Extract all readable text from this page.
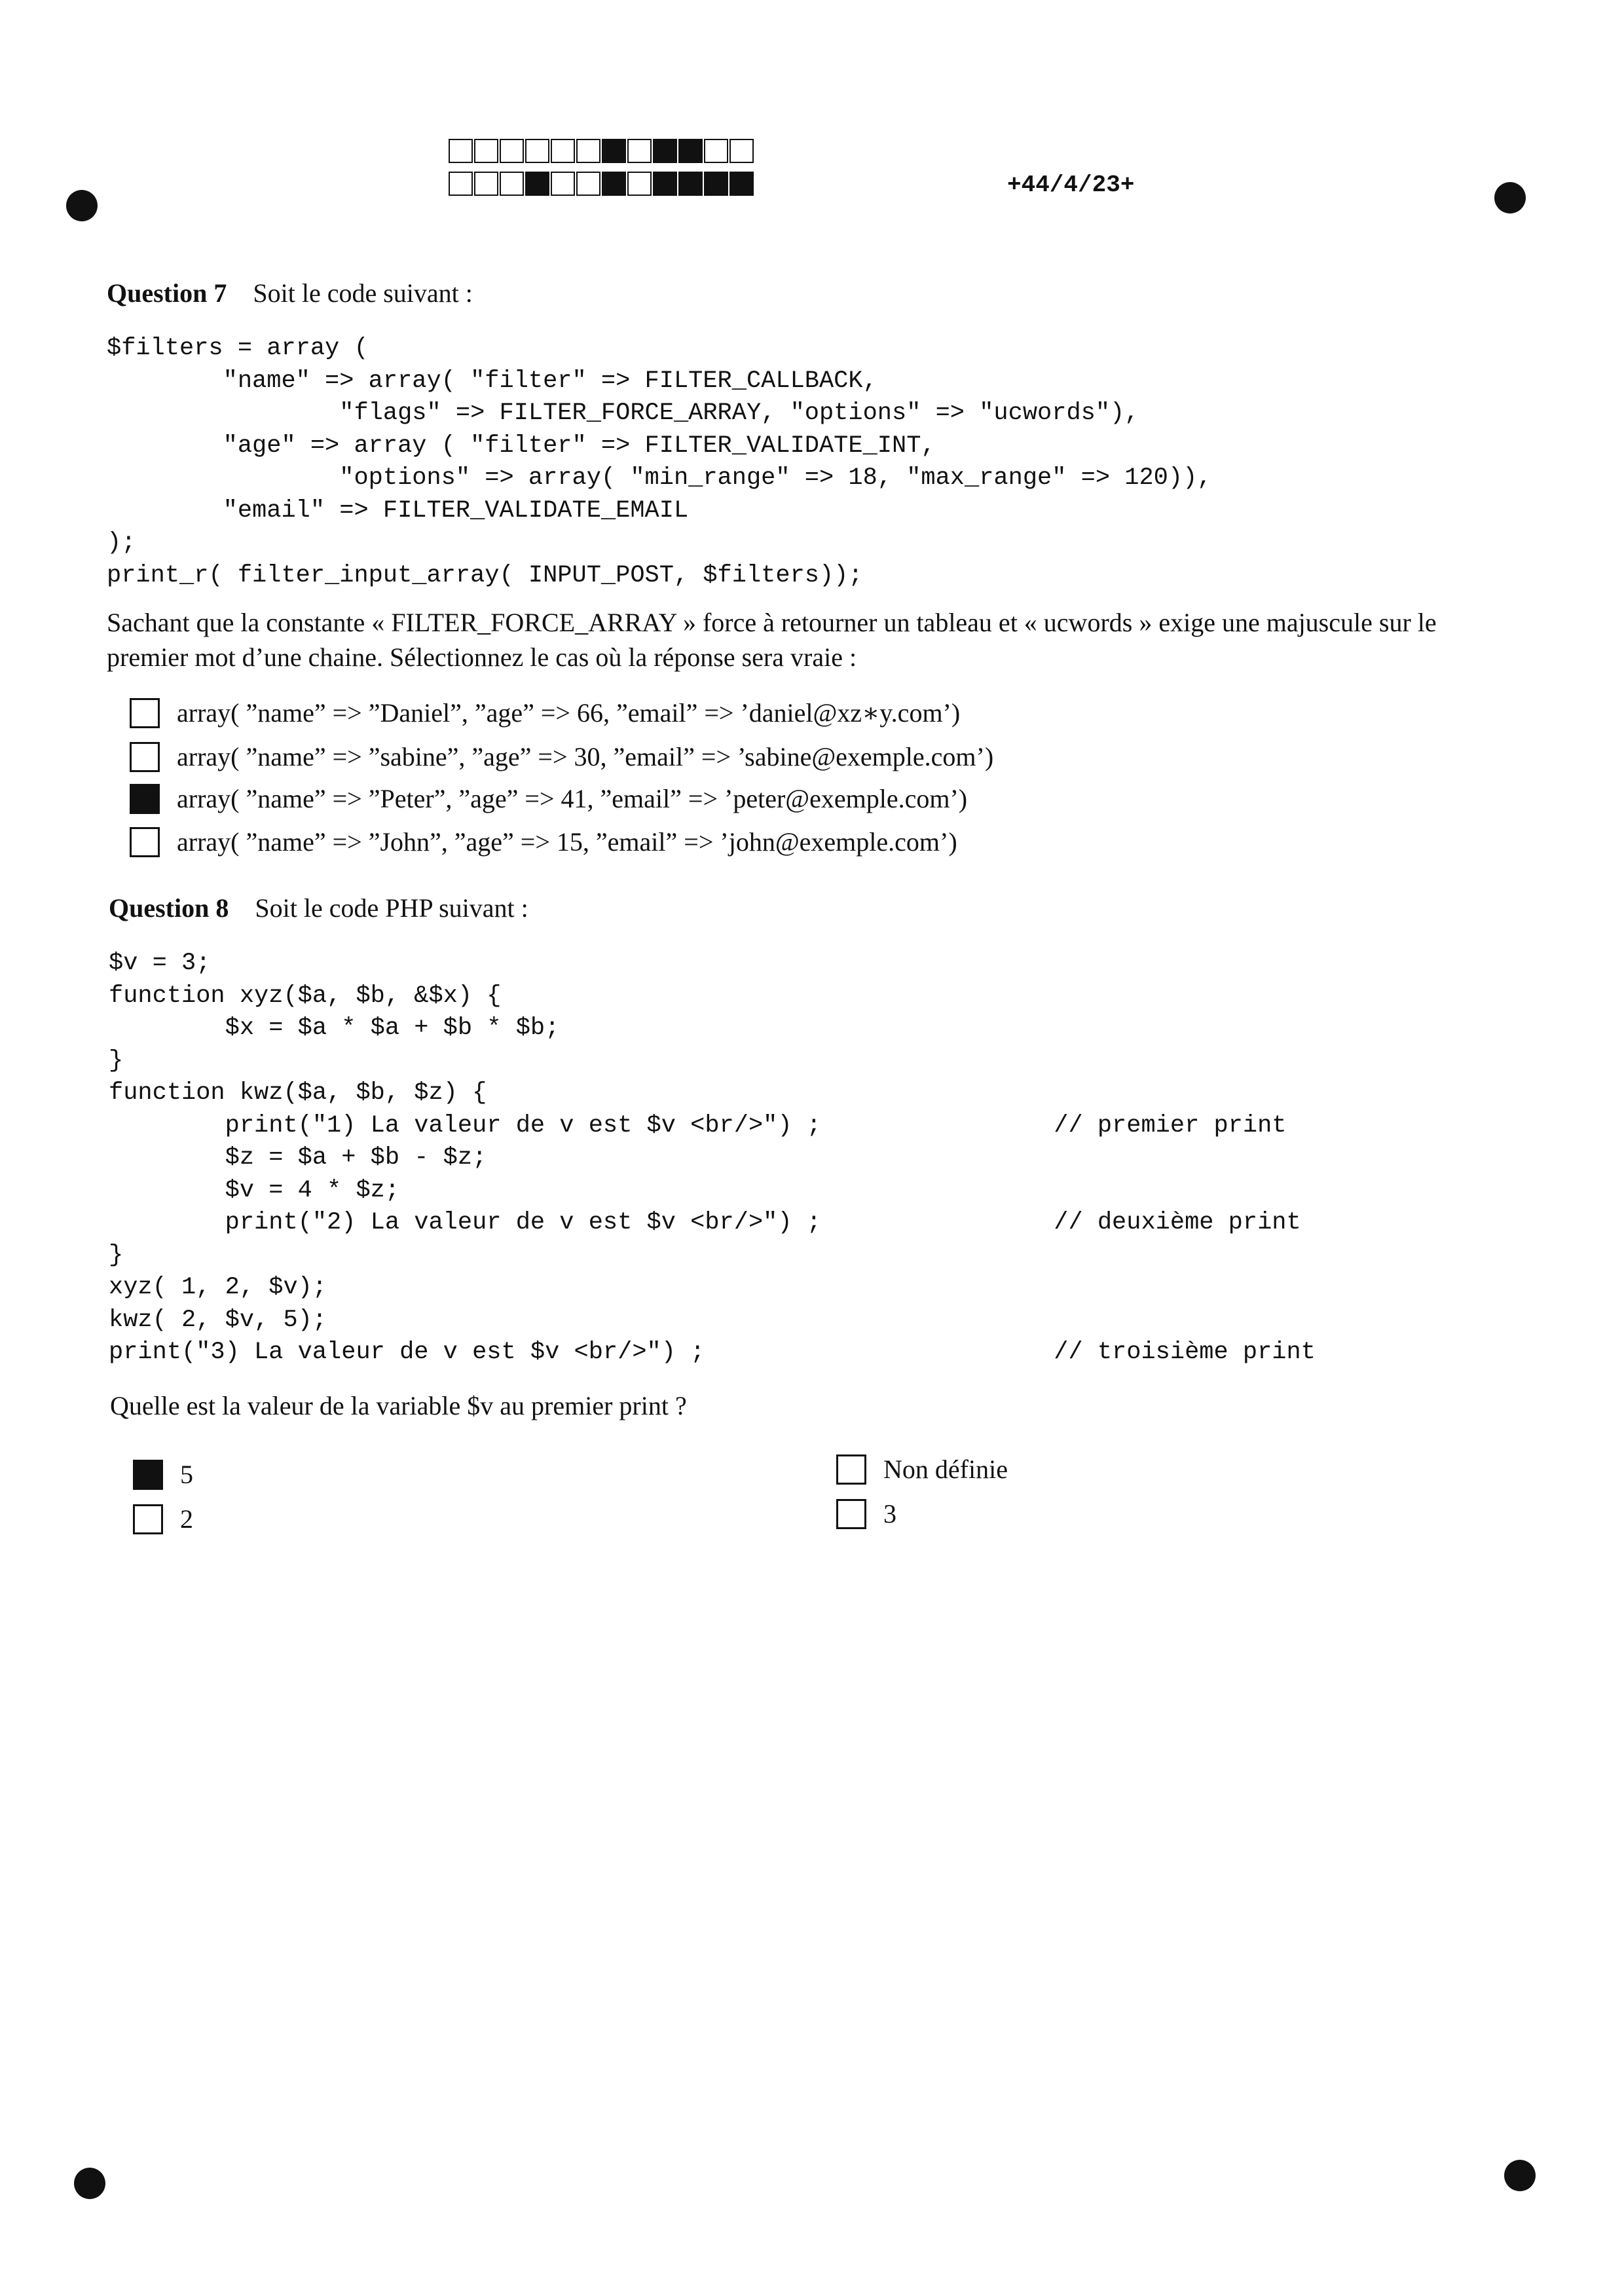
+44/4/23+
Question 7 Soit le code suivant :
$filters = array (
"name" => array( "filter" => FILTER_CALLBACK,
"flags" => FILTER_FORCE_ARRAY, "options" => "ucwords"),
"age" => array ( "filter" => FILTER_VALIDATE_INT,
"options" => array( "min_range" => 18, "max_range" => 120)),
"email" => FILTER_VALIDATE_EMAIL
);
print_r( filter_input_array( INPUT_POST, $filters));
Sachant que la constante « FILTER_FORCE_ARRAY » force à retourner un tableau et « ucwords » exige une majuscule sur le premier mot d’une chaine. Sélectionnez le cas où la réponse sera vraie :
array( ”name” => ”Daniel”, ”age” => 66, ”email” => ’daniel@xz∗y.com’)
array( ”name” => ”sabine”, ”age” => 30, ”email” => ’sabine@exemple.com’)
array( ”name” => ”Peter”, ”age” => 41, ”email” => ’peter@exemple.com’)
array( ”name” => ”John”, ”age” => 15, ”email” => ’john@exemple.com’)
Question 8 Soit le code PHP suivant :
$v = 3;
function xyz($a, $b, &$x) {
$x = $a * $a + $b * $b;
}
function kwz($a, $b, $z) {
print("1) La valeur de v est $v <br/>") ;                // premier print
$z = $a + $b - $z;
$v = 4 * $z;
print("2) La valeur de v est $v <br/>") ;                // deuxième print
}
xyz( 1, 2, $v);
kwz( 2, $v, 5);
print("3) La valeur de v est $v <br/>") ;                        // troisième print
Quelle est la valeur de la variable $v au premier print ?
5
2
Non définie
3
